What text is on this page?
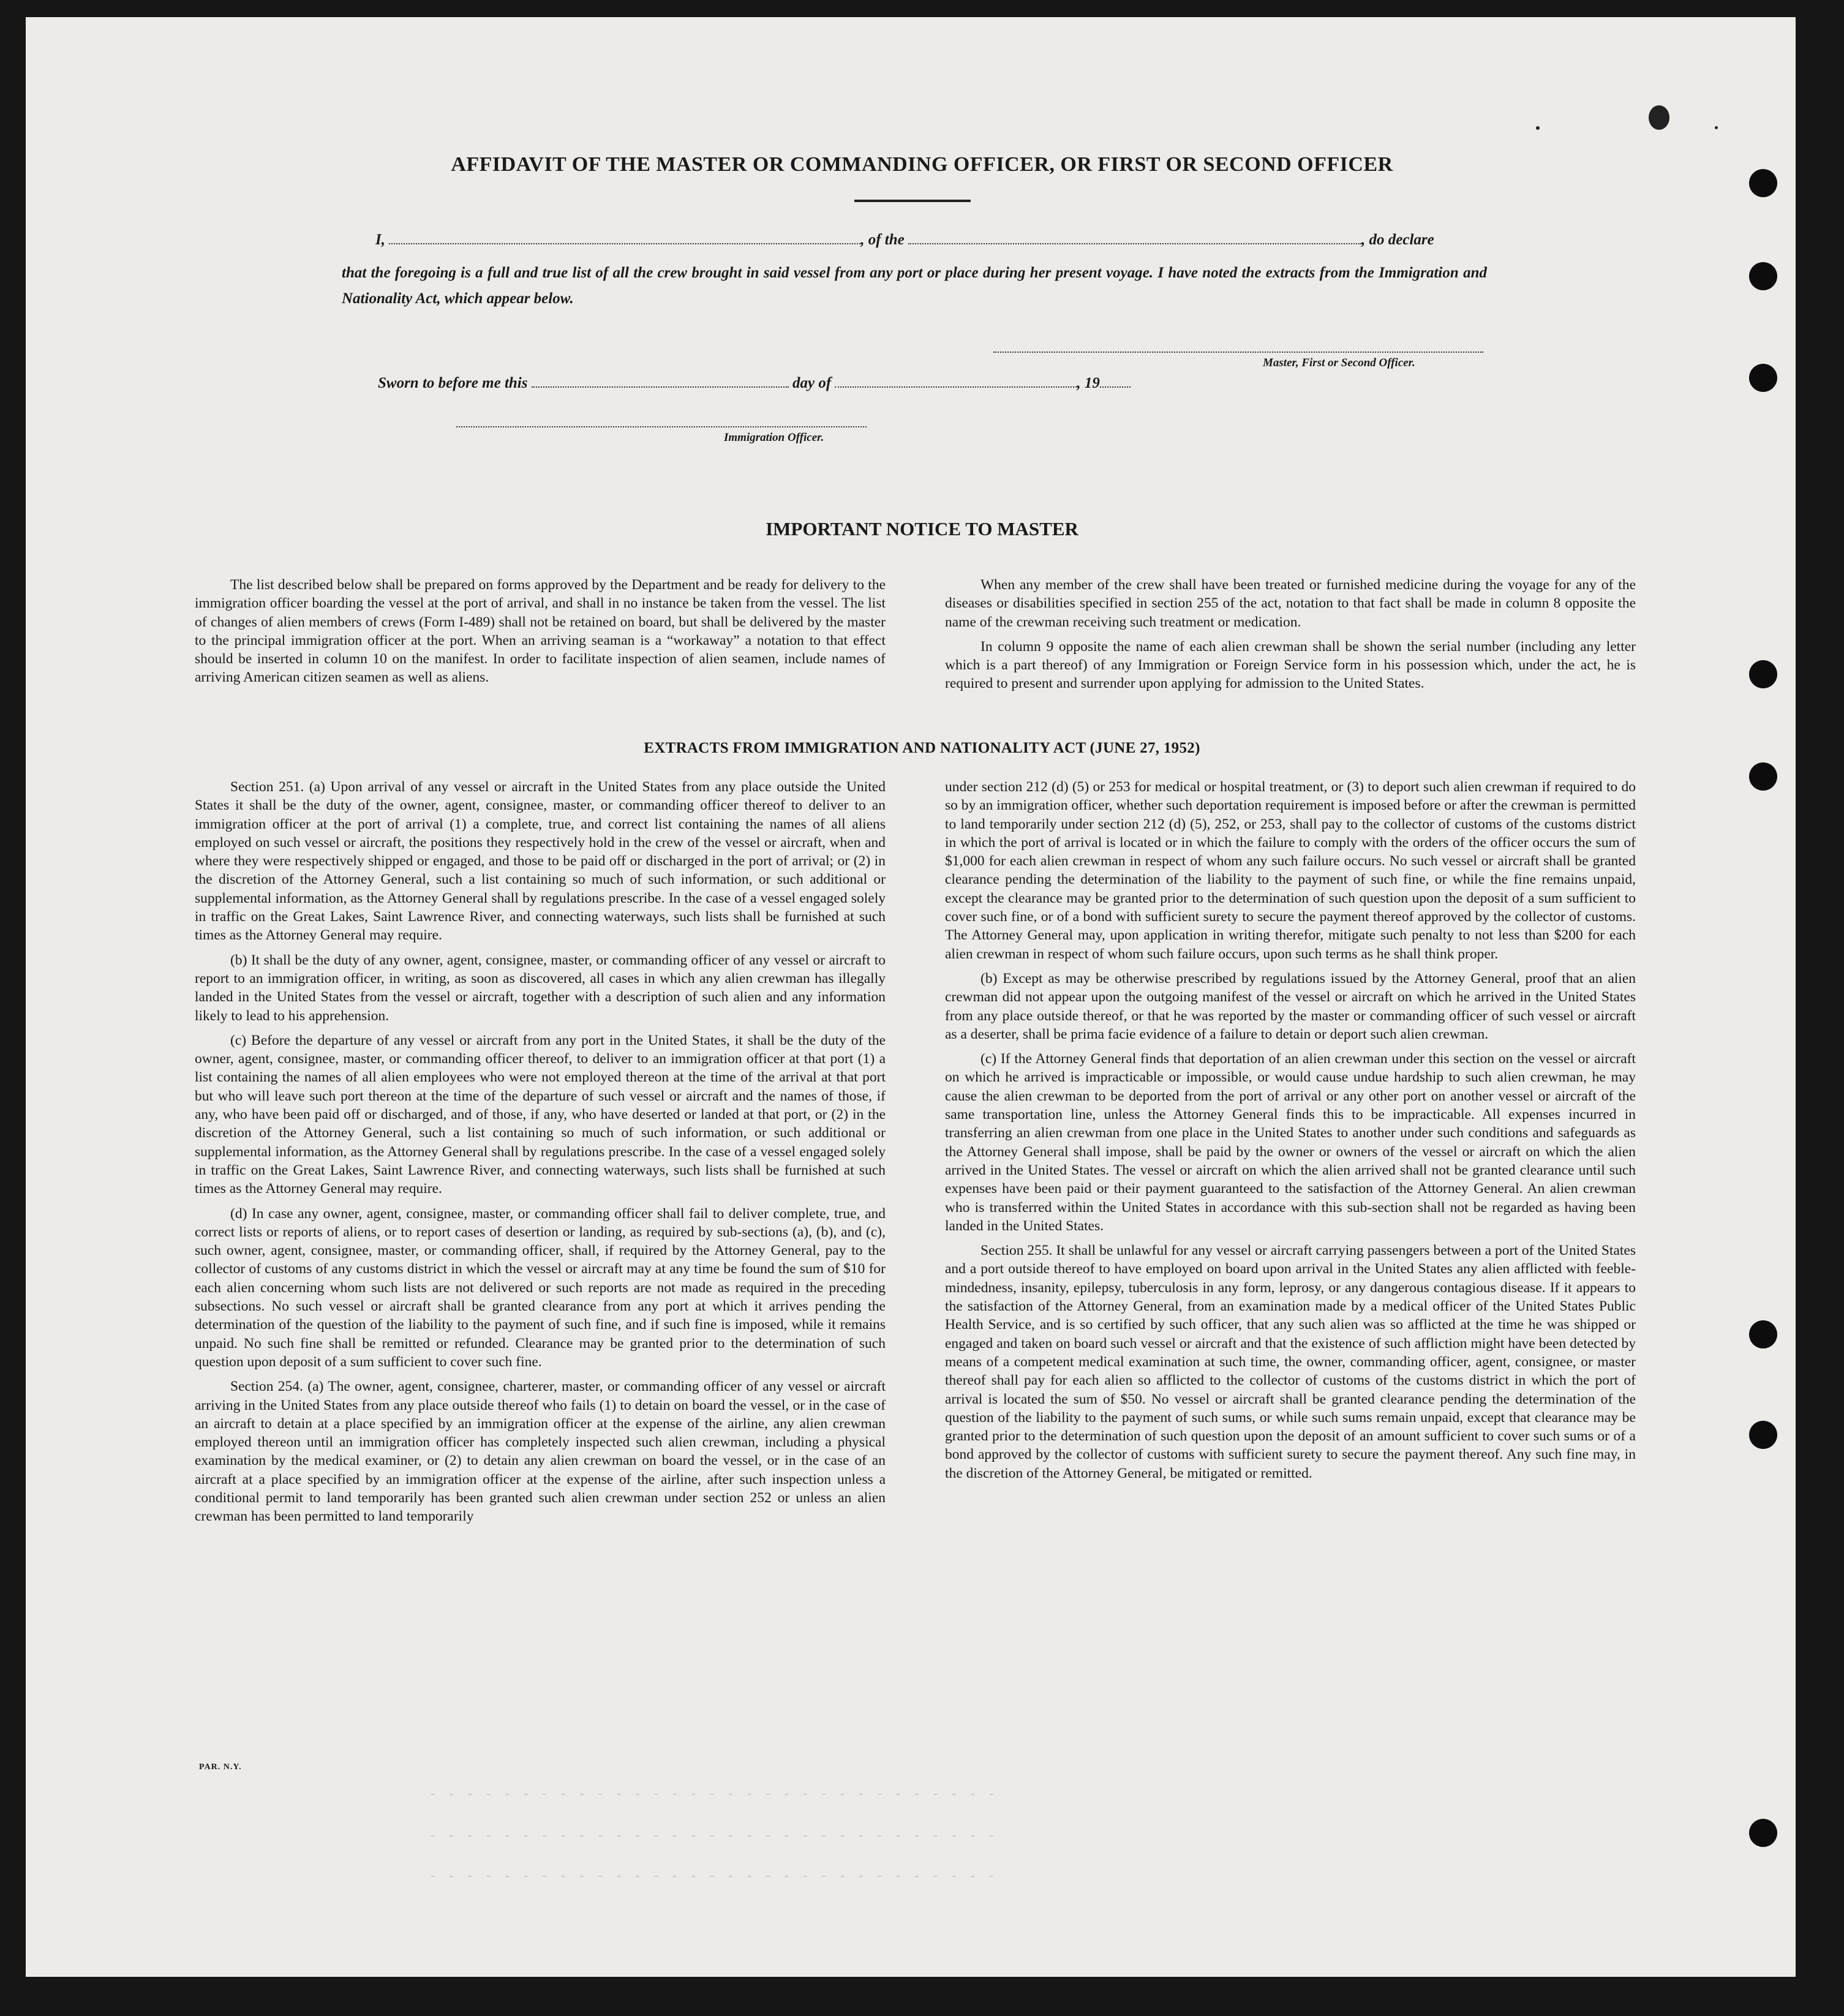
- - - - - - - - - - - - - - - - - - - - - - - - - - - - - - -
- - - - - - - - - - - - - - - - - - - - - - - - - - - - - - -
- - - - - - - - - - - - - - - - - - - - - - - - - - - - - - -
AFFIDAVIT OF THE MASTER OR COMMANDING OFFICER, OR FIRST OR SECOND OFFICER
I,	, of the	, do declare
that the foregoing is a full and true list of all the crew brought in said vessel from any port or place during her present voyage. I have noted the extracts from the Immigration and Nationality Act, which appear below.
Master, First or Second Officer.
Sworn to before me this	day of	, 19
Immigration Officer.
IMPORTANT NOTICE TO MASTER

The list described below shall be prepared on forms approved by the Department and be ready for delivery to the immigration officer boarding the vessel at the port of arrival, and shall in no instance be taken from the vessel. The list of changes of alien members of crews (Form I-489) shall not be retained on board, but shall be delivered by the master to the principal immigration officer at the port. When an arriving seaman is a “workaway” a notation to that effect should be inserted in column 10 on the manifest. In order to facilitate inspection of alien seamen, include names of arriving American citizen seamen as well as aliens.

When any member of the crew shall have been treated or furnished medicine during the voyage for any of the diseases or disabilities specified in section 255 of the act, notation to that fact shall be made in column 8 opposite the name of the crewman receiving such treatment or medication.

In column 9 opposite the name of each alien crewman shall be shown the serial number (including any letter which is a part thereof) of any Immigration or Foreign Service form in his possession which, under the act, he is required to present and surrender upon applying for admission to the United States.

EXTRACTS FROM IMMIGRATION AND NATIONALITY ACT (JUNE 27, 1952)

Section 251. (a) Upon arrival of any vessel or aircraft in the United States from any place outside the United States it shall be the duty of the owner, agent, consignee, master, or commanding officer thereof to deliver to an immigration officer at the port of arrival (1) a complete, true, and correct list containing the names of all aliens employed on such vessel or aircraft, the positions they respectively hold in the crew of the vessel or aircraft, when and where they were respectively shipped or engaged, and those to be paid off or discharged in the port of arrival; or (2) in the discretion of the Attorney General, such a list containing so much of such information, or such additional or supplemental information, as the Attorney General shall by regulations prescribe. In the case of a vessel engaged solely in traffic on the Great Lakes, Saint Lawrence River, and connecting waterways, such lists shall be furnished at such times as the Attorney General may require.

(b) It shall be the duty of any owner, agent, consignee, master, or commanding officer of any vessel or aircraft to report to an immigration officer, in writing, as soon as discovered, all cases in which any alien crewman has illegally landed in the United States from the vessel or aircraft, together with a description of such alien and any information likely to lead to his apprehension.

(c) Before the departure of any vessel or aircraft from any port in the United States, it shall be the duty of the owner, agent, consignee, master, or commanding officer thereof, to deliver to an immigration officer at that port (1) a list containing the names of all alien employees who were not employed thereon at the time of the arrival at that port but who will leave such port thereon at the time of the departure of such vessel or aircraft and the names of those, if any, who have been paid off or discharged, and of those, if any, who have deserted or landed at that port, or (2) in the discretion of the Attorney General, such a list containing so much of such information, or such additional or supplemental information, as the Attorney General shall by regulations prescribe. In the case of a vessel engaged solely in traffic on the Great Lakes, Saint Lawrence River, and connecting waterways, such lists shall be furnished at such times as the Attorney General may require.

(d) In case any owner, agent, consignee, master, or commanding officer shall fail to deliver complete, true, and correct lists or reports of aliens, or to report cases of desertion or landing, as required by sub-sections (a), (b), and (c), such owner, agent, consignee, master, or commanding officer, shall, if required by the Attorney General, pay to the collector of customs of any customs district in which the vessel or aircraft may at any time be found the sum of $10 for each alien concerning whom such lists are not delivered or such reports are not made as required in the preceding subsections. No such vessel or aircraft shall be granted clearance from any port at which it arrives pending the determination of the question of the liability to the payment of such fine, and if such fine is imposed, while it remains unpaid. No such fine shall be remitted or refunded. Clearance may be granted prior to the determination of such question upon deposit of a sum sufficient to cover such fine.

Section 254. (a) The owner, agent, consignee, charterer, master, or commanding officer of any vessel or aircraft arriving in the United States from any place outside thereof who fails (1) to detain on board the vessel, or in the case of an aircraft to detain at a place specified by an immigration officer at the expense of the airline, any alien crewman employed thereon until an immigration officer has completely inspected such alien crewman, including a physical examination by the medical examiner, or (2) to detain any alien crewman on board the vessel, or in the case of an aircraft at a place specified by an immigration officer at the expense of the airline, after such inspection unless a conditional permit to land temporarily has been granted such alien crewman under section 252 or unless an alien crewman has been permitted to land temporarily

under section 212 (d) (5) or 253 for medical or hospital treatment, or (3) to deport such alien crewman if required to do so by an immigration officer, whether such deportation requirement is imposed before or after the crewman is permitted to land temporarily under section 212 (d) (5), 252, or 253, shall pay to the collector of customs of the customs district in which the port of arrival is located or in which the failure to comply with the orders of the officer occurs the sum of $1,000 for each alien crewman in respect of whom any such failure occurs. No such vessel or aircraft shall be granted clearance pending the determination of the liability to the payment of such fine, or while the fine remains unpaid, except the clearance may be granted prior to the determination of such question upon the deposit of a sum sufficient to cover such fine, or of a bond with sufficient surety to secure the payment thereof approved by the collector of customs. The Attorney General may, upon application in writing therefor, mitigate such penalty to not less than $200 for each alien crewman in respect of whom such failure occurs, upon such terms as he shall think proper.

(b) Except as may be otherwise prescribed by regulations issued by the Attorney General, proof that an alien crewman did not appear upon the outgoing manifest of the vessel or aircraft on which he arrived in the United States from any place outside thereof, or that he was reported by the master or commanding officer of such vessel or aircraft as a deserter, shall be prima facie evidence of a failure to detain or deport such alien crewman.

(c) If the Attorney General finds that deportation of an alien crewman under this section on the vessel or aircraft on which he arrived is impracticable or impossible, or would cause undue hardship to such alien crewman, he may cause the alien crewman to be deported from the port of arrival or any other port on another vessel or aircraft of the same transportation line, unless the Attorney General finds this to be impracticable. All expenses incurred in transferring an alien crewman from one place in the United States to another under such conditions and safeguards as the Attorney General shall impose, shall be paid by the owner or owners of the vessel or aircraft on which the alien arrived in the United States. The vessel or aircraft on which the alien arrived shall not be granted clearance until such expenses have been paid or their payment guaranteed to the satisfaction of the Attorney General. An alien crewman who is transferred within the United States in accordance with this sub-section shall not be regarded as having been landed in the United States.

Section 255. It shall be unlawful for any vessel or aircraft carrying passengers between a port of the United States and a port outside thereof to have employed on board upon arrival in the United States any alien afflicted with feeble-mindedness, insanity, epilepsy, tuberculosis in any form, leprosy, or any dangerous contagious disease. If it appears to the satisfaction of the Attorney General, from an examination made by a medical officer of the United States Public Health Service, and is so certified by such officer, that any such alien was so afflicted at the time he was shipped or engaged and taken on board such vessel or aircraft and that the existence of such affliction might have been detected by means of a competent medical examination at such time, the owner, commanding officer, agent, consignee, or master thereof shall pay for each alien so afflicted to the collector of customs of the customs district in which the port of arrival is located the sum of $50. No vessel or aircraft shall be granted clearance pending the determination of the question of the liability to the payment of such sums, or while such sums remain unpaid, except that clearance may be granted prior to the determination of such question upon the deposit of an amount sufficient to cover such sums or of a bond approved by the collector of customs with sufficient surety to secure the payment thereof. Any such fine may, in the discretion of the Attorney General, be mitigated or remitted.

PAR. N.Y.
